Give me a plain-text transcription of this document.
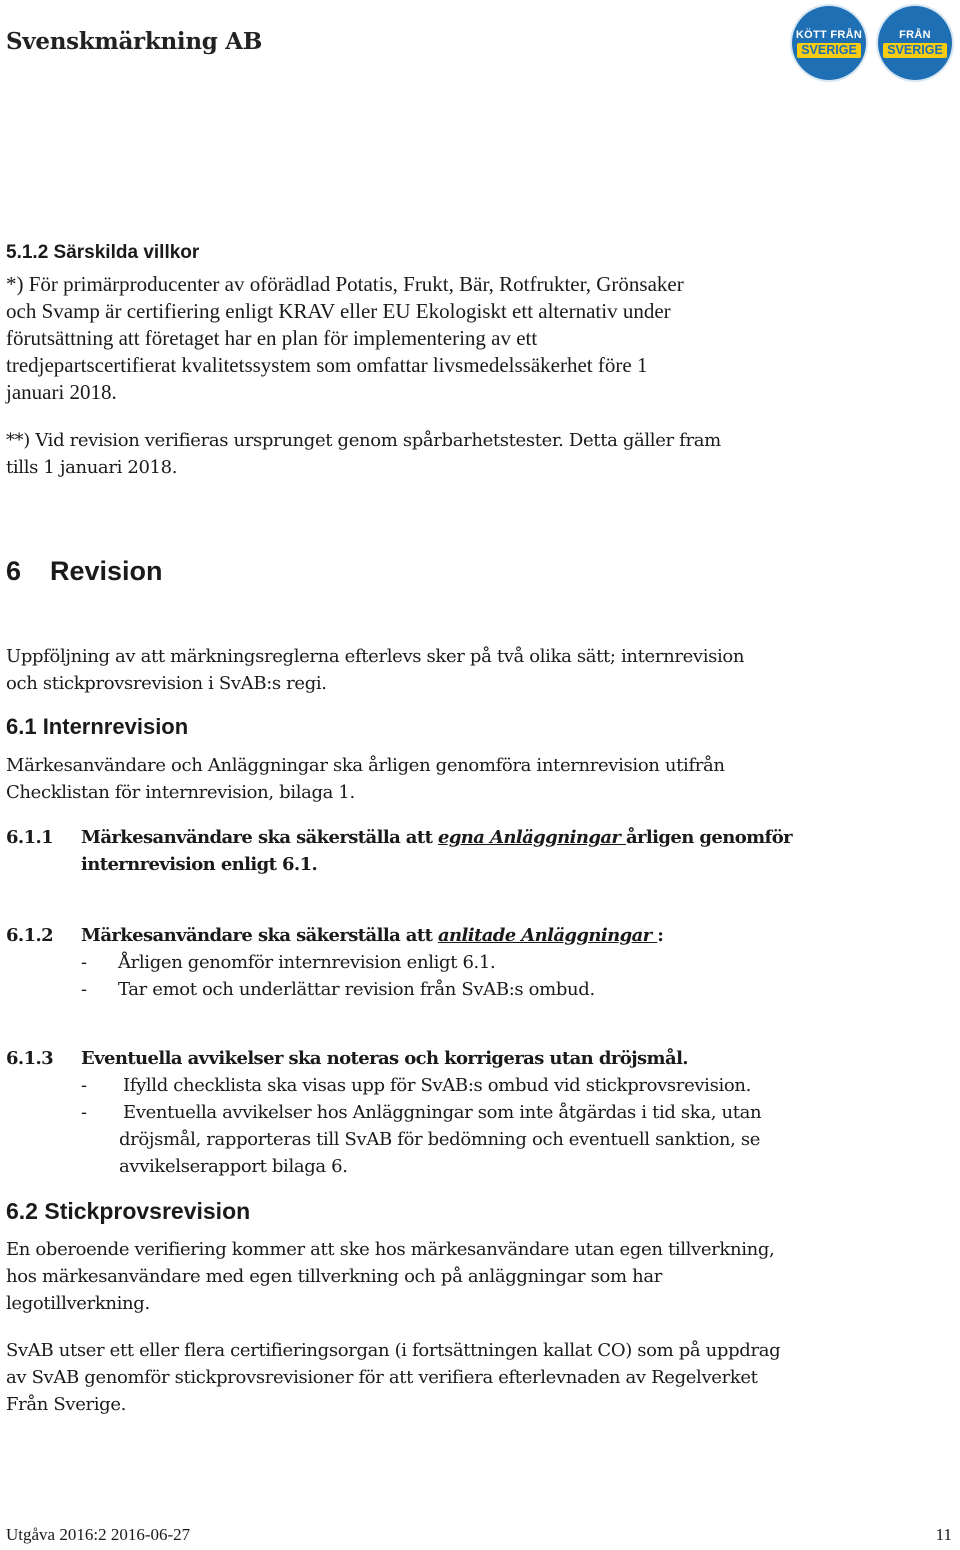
Svenskmärkning AB	KÖTT FRÅN
SVERIGE
FRÅN
SVERIGE
5.1.2 Särskilda villkor
*) För primärproducenter av oförädlad Potatis, Frukt, Bär, Rotfrukter, Grönsaker
och Svamp är certifiering enligt KRAV eller EU Ekologiskt ett alternativ under
förutsättning att företaget har en plan för implementering av ett
tredjepartscertifierat kvalitetssystem som omfattar livsmedelssäkerhet före 1
januari 2018.
**) Vid revision verifieras ursprunget genom spårbarhetstester. Detta gäller fram
tills 1 januari 2018.
6 Revision
Uppföljning av att märkningsreglerna efterlevs sker på två olika sätt; internrevision
och stickprovsrevision i SvAB:s regi.
6.1 Internrevision
Märkesanvändare och Anläggningar ska årligen genomföra internrevision utifrån
Checklistan för internrevision, bilaga 1.
6.1.1 Märkesanvändare ska säkerställa att egna Anläggningar årligen genomför
internrevision enligt 6.1.
6.1.2 Märkesanvändare ska säkerställa att anlitade Anläggningar :
- Årligen genomför internrevision enligt 6.1.
- Tar emot och underlättar revision från SvAB:s ombud.
6.1.3 Eventuella avvikelser ska noteras och korrigeras utan dröjsmål.
- Ifylld checklista ska visas upp för SvAB:s ombud vid stickprovsrevision.
- Eventuella avvikelser hos Anläggningar som inte åtgärdas i tid ska, utan
dröjsmål, rapporteras till SvAB för bedömning och eventuell sanktion, se
avvikelserapport bilaga 6.
6.2 Stickprovsrevision
En oberoende verifiering kommer att ske hos märkesanvändare utan egen tillverkning,
hos märkesanvändare med egen tillverkning och på anläggningar som har
legotillverkning.
SvAB utser ett eller flera certifieringsorgan (i fortsättningen kallat CO) som på uppdrag
av SvAB genomför stickprovsrevisioner för att verifiera efterlevnaden av Regelverket
Från Sverige.
Utgåva 2016:2 2016-06-27	11
